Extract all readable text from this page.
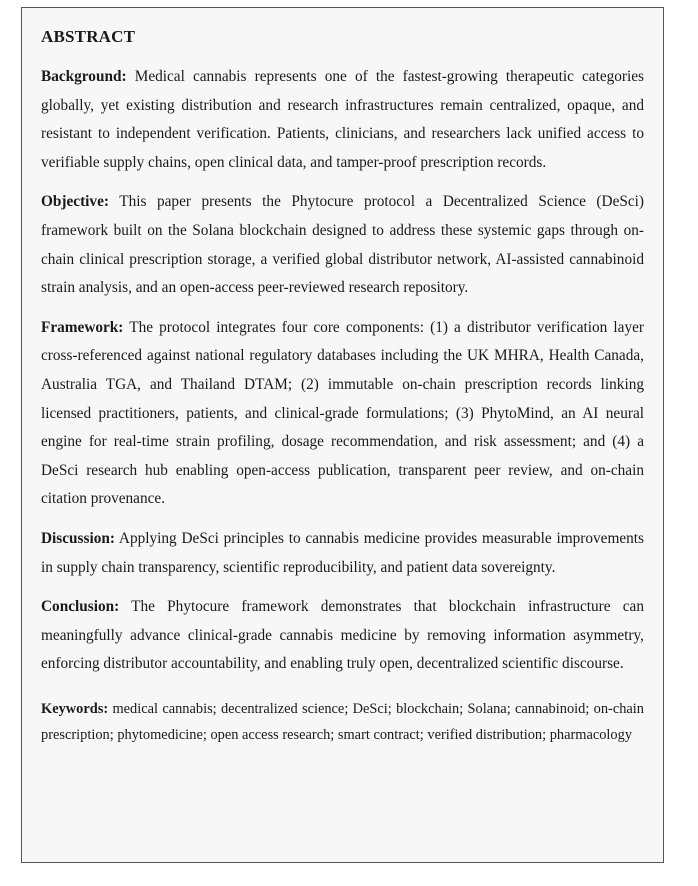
ABSTRACT

Background: Medical cannabis represents one of the fastest-growing therapeutic categories globally, yet existing distribution and research infrastructures remain centralized, opaque, and resistant to independent verification. Patients, clinicians, and researchers lack unified access to verifiable supply chains, open clinical data, and tamper-proof prescription records.

Objective: This paper presents the Phytocure protocol a Decentralized Science (DeSci) framework built on the Solana blockchain designed to address these systemic gaps through on-chain clinical prescription storage, a verified global distributor network, AI-assisted cannabinoid strain analysis, and an open-access peer-reviewed research repository.

Framework: The protocol integrates four core components: (1) a distributor verification layer cross-referenced against national regulatory databases including the UK MHRA, Health Canada, Australia TGA, and Thailand DTAM; (2) immutable on-chain prescription records linking licensed practitioners, patients, and clinical-grade formulations; (3) PhytoMind, an AI neural engine for real-time strain profiling, dosage recommendation, and risk assessment; and (4) a DeSci research hub enabling open-access publication, transparent peer review, and on-chain citation provenance.

Discussion: Applying DeSci principles to cannabis medicine provides measurable improvements in supply chain transparency, scientific reproducibility, and patient data sovereignty.

Conclusion: The Phytocure framework demonstrates that blockchain infrastructure can meaningfully advance clinical-grade cannabis medicine by removing information asymmetry, enforcing distributor accountability, and enabling truly open, decentralized scientific discourse.

Keywords: medical cannabis; decentralized science; DeSci; blockchain; Solana; cannabinoid; on-chain prescription; phytomedicine; open access research; smart contract; verified distribution; pharmacology
